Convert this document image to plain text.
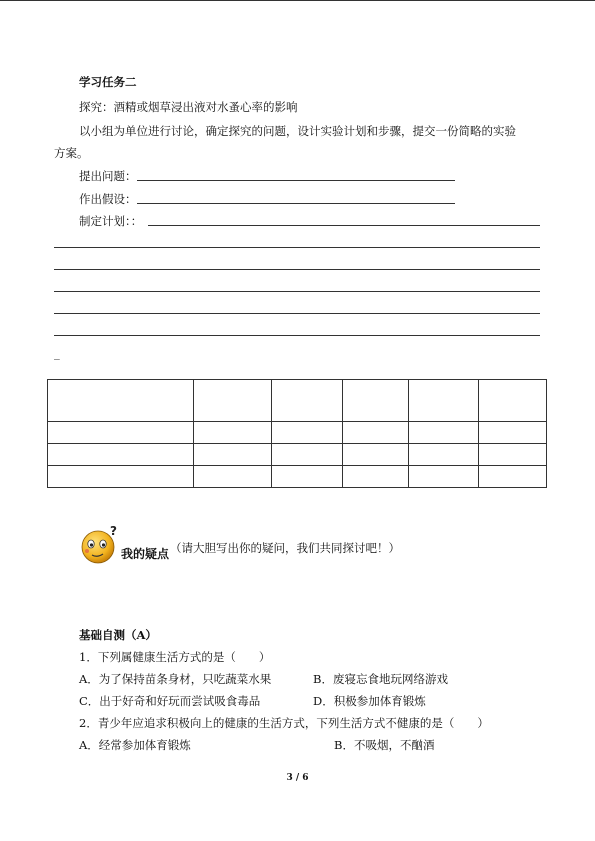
学习任务二
探究：酒精或烟草浸出液对水蚤心率的影响
以小组为单位进行讨论，确定探究的问题，设计实验计划和步骤，提交一份简略的实验
方案。
提出问题：
作出假设：
制定计划：：
_

?
我的疑点 （请大胆写出你的疑问，我们共同探讨吧！）
基础自测（A）
1．下列属健康生活方式的是（　　）
A．为了保持苗条身材，只吃蔬菜水果	B．废寝忘食地玩网络游戏
C．出于好奇和好玩而尝试吸食毒品	D．积极参加体育锻炼
2．青少年应追求积极向上的健康的生活方式，下列生活方式不健康的是（　　）
A．经常参加体育锻炼	B．不吸烟，不酗酒
3 / 6
